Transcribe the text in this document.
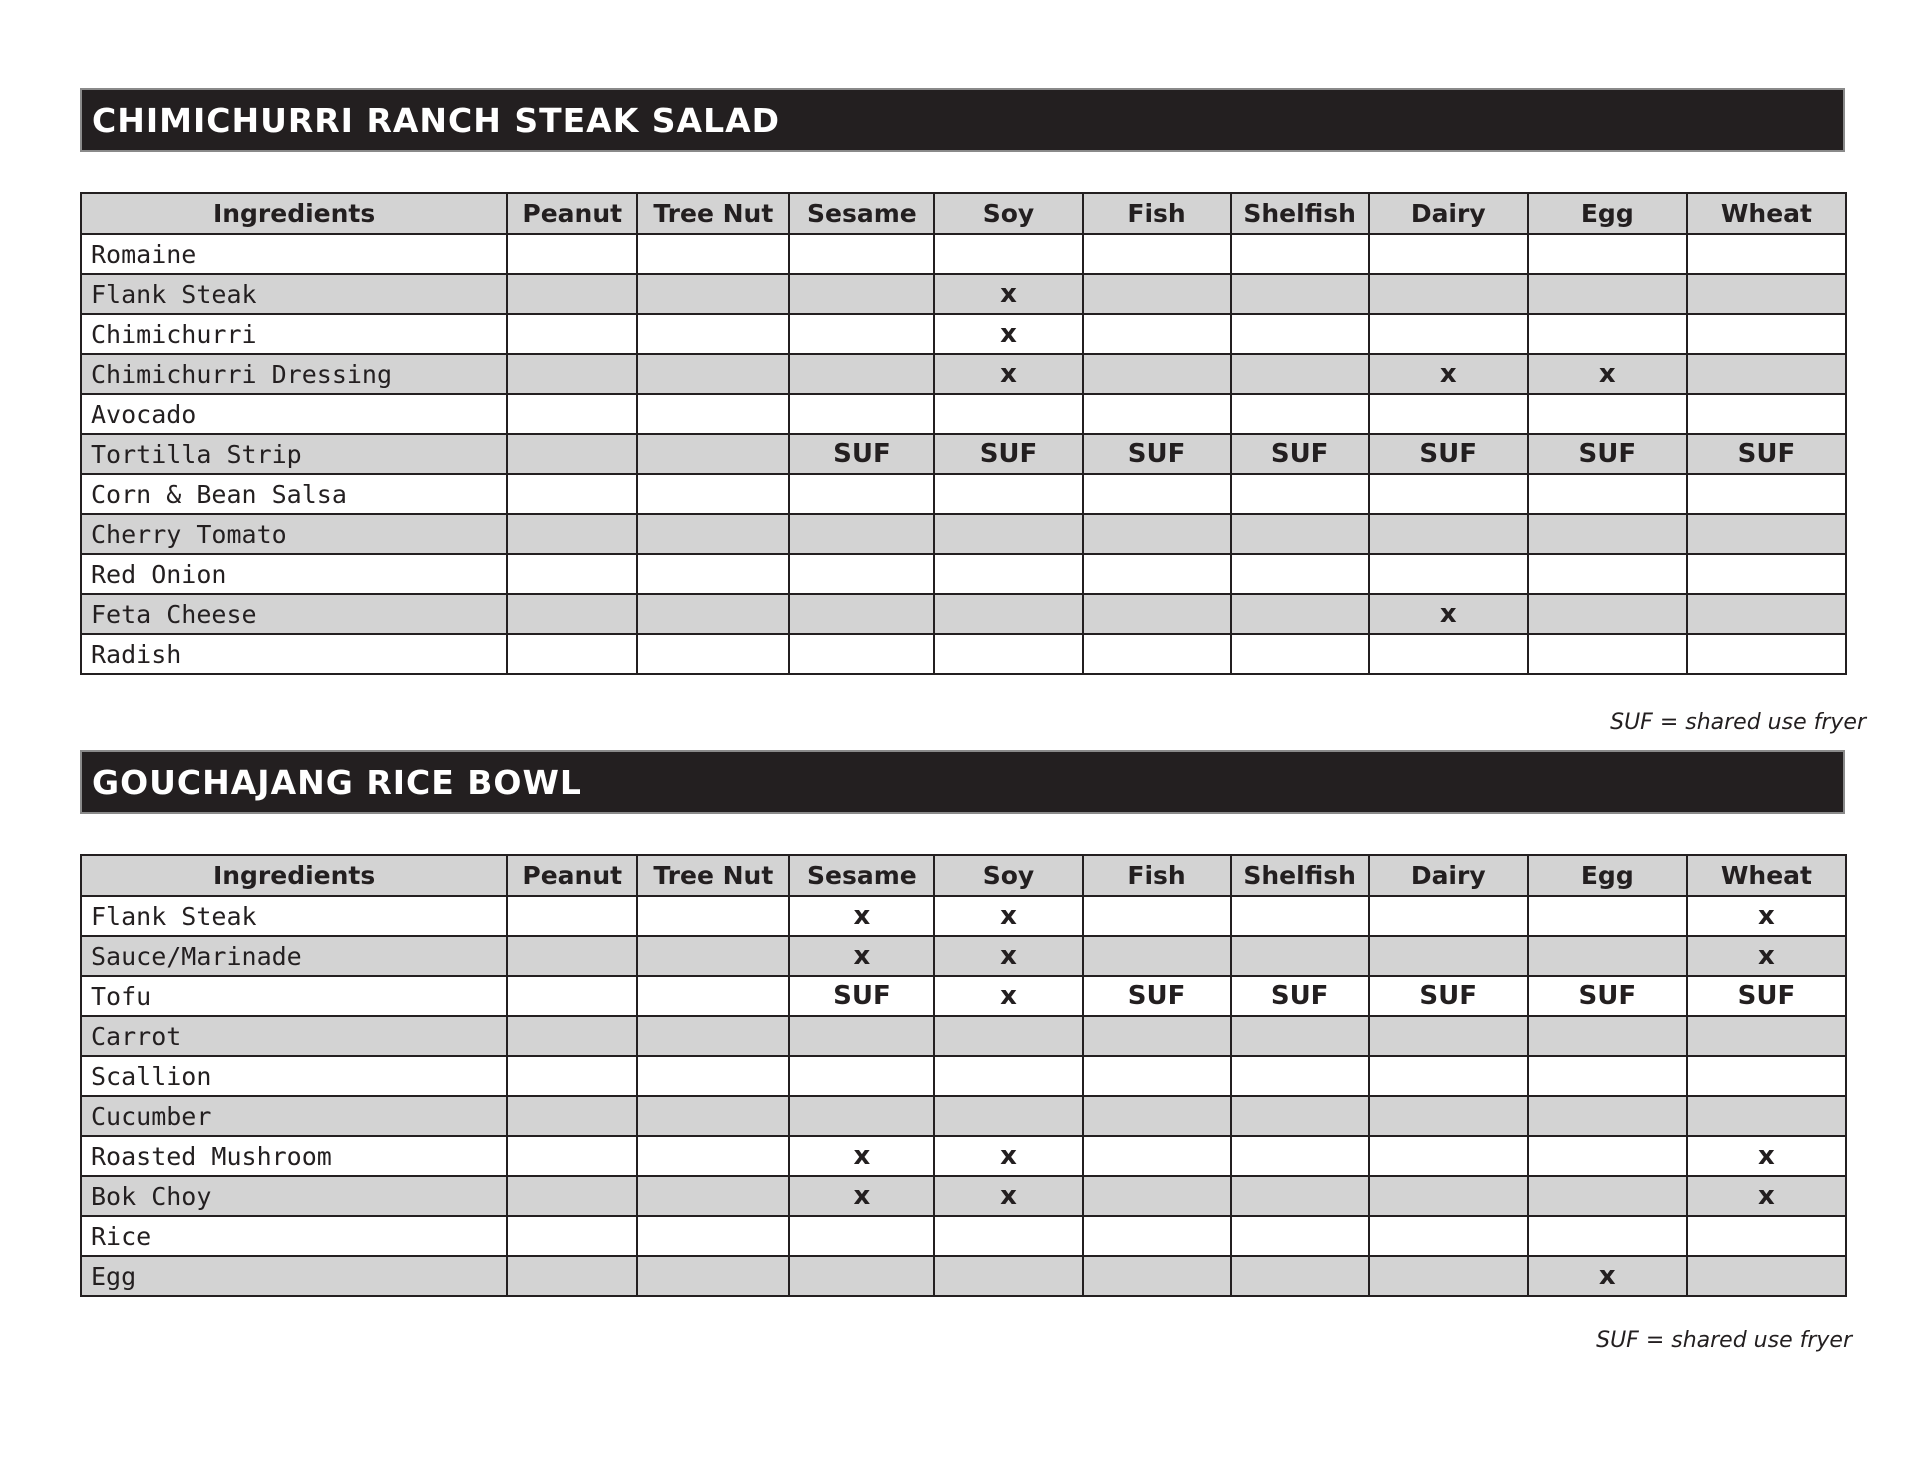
CHIMICHURRI RANCH STEAK SALAD
Ingredients	Peanut	Tree Nut	Sesame	Soy	Fish	Shelfish	Dairy	Egg	Wheat
Romaine									
Flank Steak				x					
Chimichurri				x					
Chimichurri Dressing				x			x	x	
Avocado									
Tortilla Strip			SUF	SUF	SUF	SUF	SUF	SUF	SUF
Corn & Bean Salsa									
Cherry Tomato									
Red Onion									
Feta Cheese							x		
Radish									
SUF = shared use fryer
GOUCHAJANG RICE BOWL
Ingredients	Peanut	Tree Nut	Sesame	Soy	Fish	Shelfish	Dairy	Egg	Wheat
Flank Steak			x	x					x
Sauce/Marinade			x	x					x
Tofu			SUF	x	SUF	SUF	SUF	SUF	SUF
Carrot									
Scallion									
Cucumber									
Roasted Mushroom			x	x					x
Bok Choy			x	x					x
Rice									
Egg								x	
SUF = shared use fryer
